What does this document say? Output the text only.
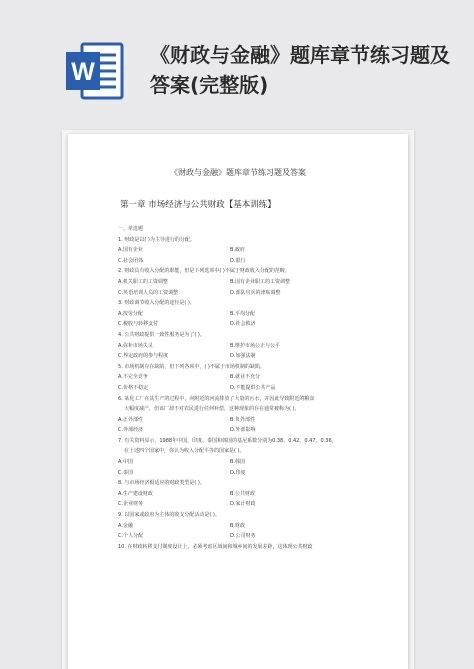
W
《财政与金融》题库章节练习题及答案(完整版)
《财政与金融》题库章节练习题及答案
第一章 市场经济与公共财政【基本训练】
一、单选题
1. 财政是以( )为主导进行的分配。
A.国有企业	B.政府
C.社会团体	D.银行
2. 财政具有收入分配的职能，但是下列选项中( )不属于财政收入分配的范畴。
A.机关职工的工资调整	B.国有企业职工的工资调整
C.英语培训人员的工资调整	D.部队官兵的津贴调整
3. 财政调节收入分配的途径是( )。
A.按劳分配	B.平均分配
C.税收与转移支付	D.社会救济
4. 公共财政提供一致性服务是为了( )。
A.弥补市场失灵	B.维护市场公正与公平
C.界定政府的参与程度	D.加强法制
5. 市场机制存在缺陷，但下列各项中，( )不属于市场机制的缺陷。
A.不完全竞争	B.就业不充分
C.价格不稳定	D.不能提供公共产品
6. 某化工厂在其生产的过程中，向附近的河流排放了大量的污水，并因此导致附近的粮食
大幅度减产，但该厂却不对农民进行任何补偿，这种现象的存在通常被称为( )。
A.正外部性	B.负外部性
C.外部经济	D.外部影响
7. 有关资料显示，1988年中国、印度、泰国和韩国的基尼系数分别为0.38、0.42、0.47、0.36。
在上述四个国家中，你认为收入分配平等的国家是( )。
A.中国	B.韩国
C.泰国	D.印度
8. 与市场经济相适应的财政类型是( )。
A.生产建设财政	B.公共财政
C.企业财务	D.家计财政
9. 以国家或政府为主体的收支分配活动是( )。
A.金融	B.财政
C.个人分配	D.公司财务
10. 在财政转移支付制度设计上，必须考虑区域间和城乡间的发展差距，这体现公共财政
